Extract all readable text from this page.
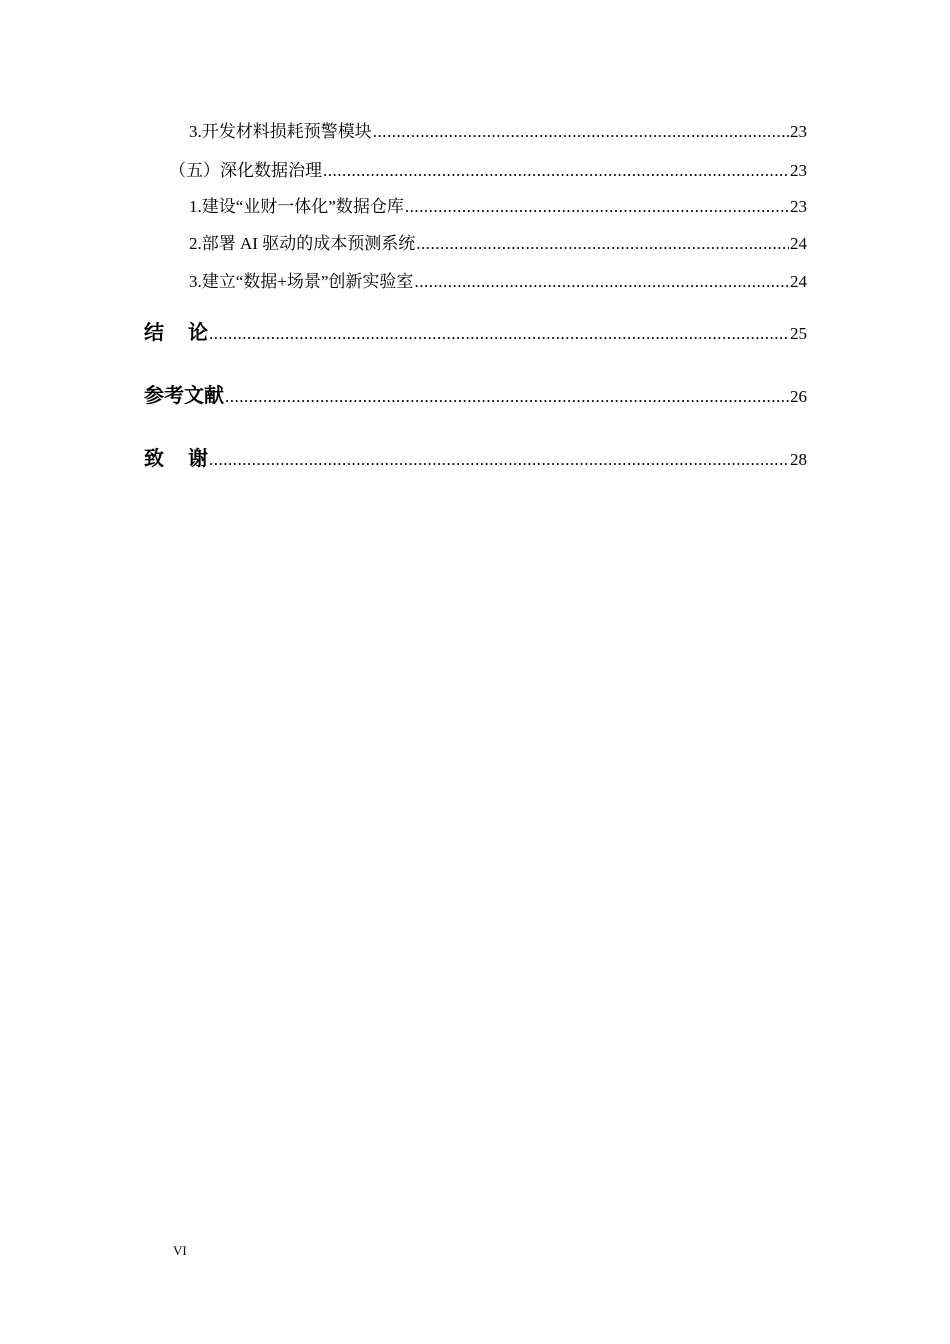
3.开发材料损耗预警模块 .....	23
（五）深化数据治理 .....	23
1.建设“业财一体化”数据仓库 .....	23
2.部署 AI 驱动的成本预测系统 .....	24
3.建立“数据+场景”创新实验室 .....	24
结 论 .....	25
参考文献 .....	26
致 谢 .....	28
VI
